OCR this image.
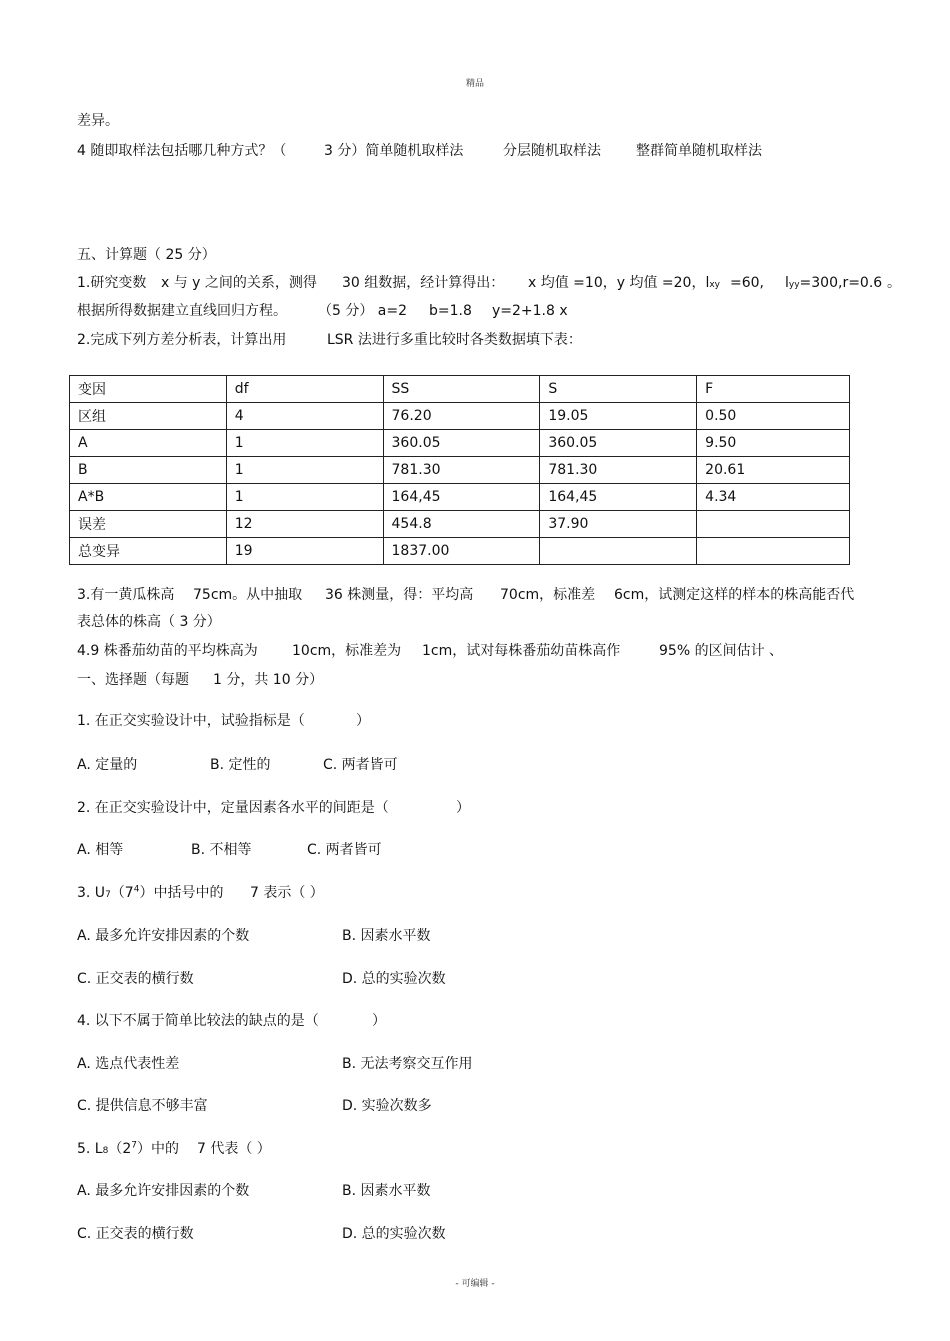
精品
差异。
4 随即取样法包括哪几种方式？（	3 分）简单随机取样法	分层随机取样法	整群简单随机取样法
五、计算题（ 25 分）
1.研究变数 x 与 y 之间的关系，测得 30 组数据，经计算得出： x 均值 =10，y 均值 =20，lxy =60, lyy=300,r=0.6 。
根据所得数据建立直线回归方程。 （5 分） a=2 b=1.8 y=2+1.8 x
2.完成下列方差分析表，计算出用	LSR 法进行多重比较时各类数据填下表：
变因	df	SS	S	F
区组	4	76.20	19.05	0.50
A	1	360.05	360.05	9.50
B	1	781.30	781.30	20.61
A*B	1	164,45	164,45	4.34
误差	12	454.8	37.90	
总变异	19	1837.00		
3.有一黄瓜株高 75cm。从中抽取 36 株测量，得：平均高 70cm，标准差 6cm，试测定这样的样本的株高能否代
表总体的株高（ 3 分）
4.9 株番茄幼苗的平均株高为 10cm，标准差为 1cm，试对每株番茄幼苗株高作	95% 的区间估计 、
一、选择题（每题 1 分，共 10 分）
1. 在正交实验设计中，试验指标是（	）
A. 定量的	B. 定性的	C. 两者皆可
2. 在正交实验设计中，定量因素各水平的间距是（	）
A. 相等	B. 不相等	C. 两者皆可
3. $U7(7^4)$中括号中的 7 表示（ ）
A. 最多允许安排因素的个数	B. 因素水平数
C. 正交表的横行数	D. 总的实验次数
4. 以下不属于简单比较法的缺点的是（	）
A. 选点代表性差	B. 无法考察交互作用
C. 提供信息不够丰富	D. 实验次数多
5. $L8(2^7)$中的 7 代表（ ）
A. 最多允许安排因素的个数	B. 因素水平数
C. 正交表的横行数	D. 总的实验次数
- 可编辑 -
